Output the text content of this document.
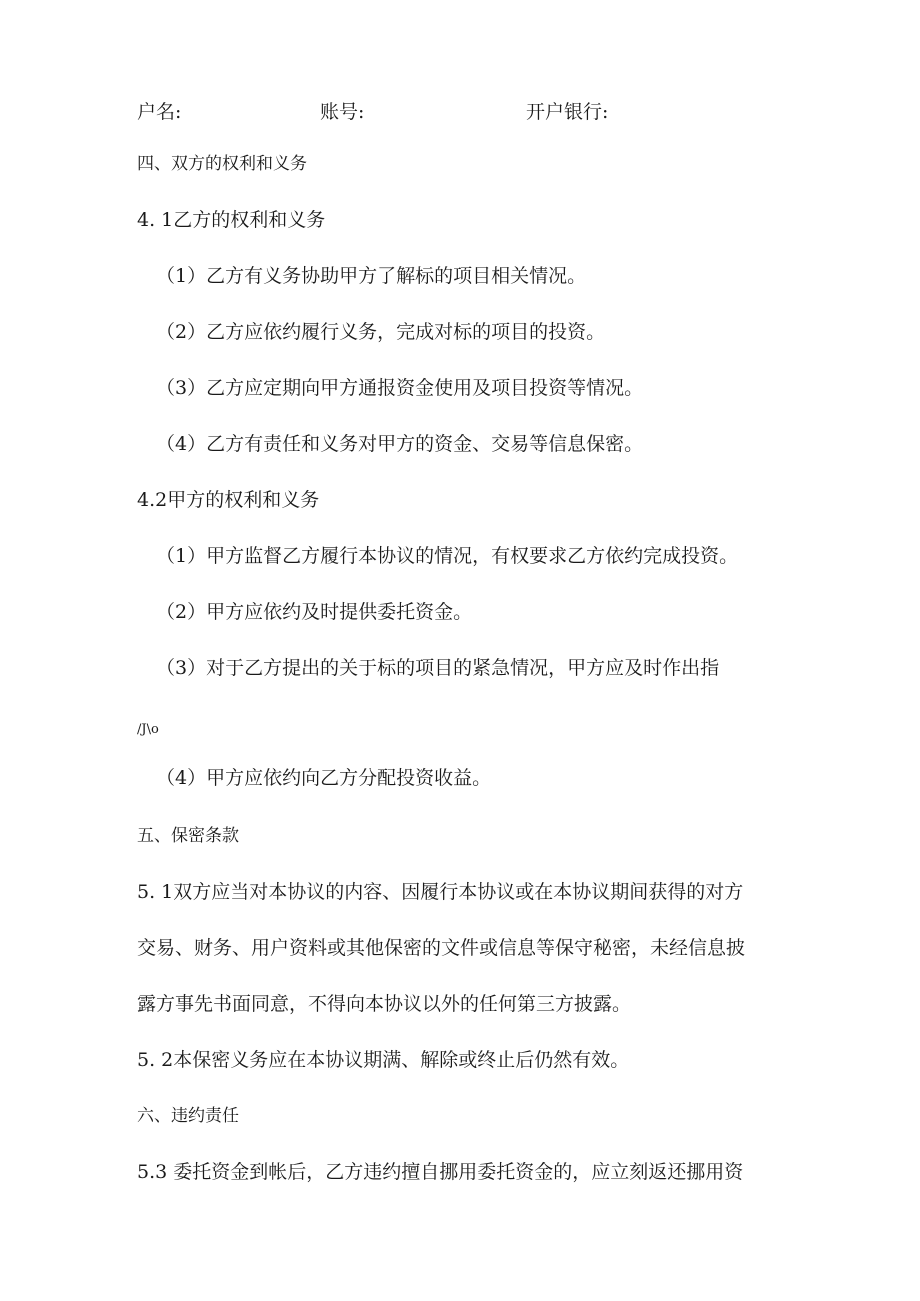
户名:	账号:	开户银行:
四、双方的权利和义务
4. 1乙方的权利和义务
（1）乙方有义务协助甲方了解标的项目相关情况。
（2）乙方应依约履行义务，完成对标的项目的投资。
（3）乙方应定期向甲方通报资金使用及项目投资等情况。
（4）乙方有责任和义务对甲方的资金、交易等信息保密。
4.2甲方的权利和义务
（1）甲方监督乙方履行本协议的情况，有权要求乙方依约完成投资。
（2）甲方应依约及时提供委托资金。
（3）对于乙方提出的关于标的项目的紧急情况，甲方应及时作出指
/J\o
（4）甲方应依约向乙方分配投资收益。
五、保密条款
5. 1双方应当对本协议的内容、因履行本协议或在本协议期间获得的对方
交易、财务、用户资料或其他保密的文件或信息等保守秘密，未经信息披
露方事先书面同意，不得向本协议以外的任何第三方披露。
5. 2本保密义务应在本协议期满、解除或终止后仍然有效。
六、违约责任
5.3 委托资金到帐后，乙方违约擅自挪用委托资金的，应立刻返还挪用资
